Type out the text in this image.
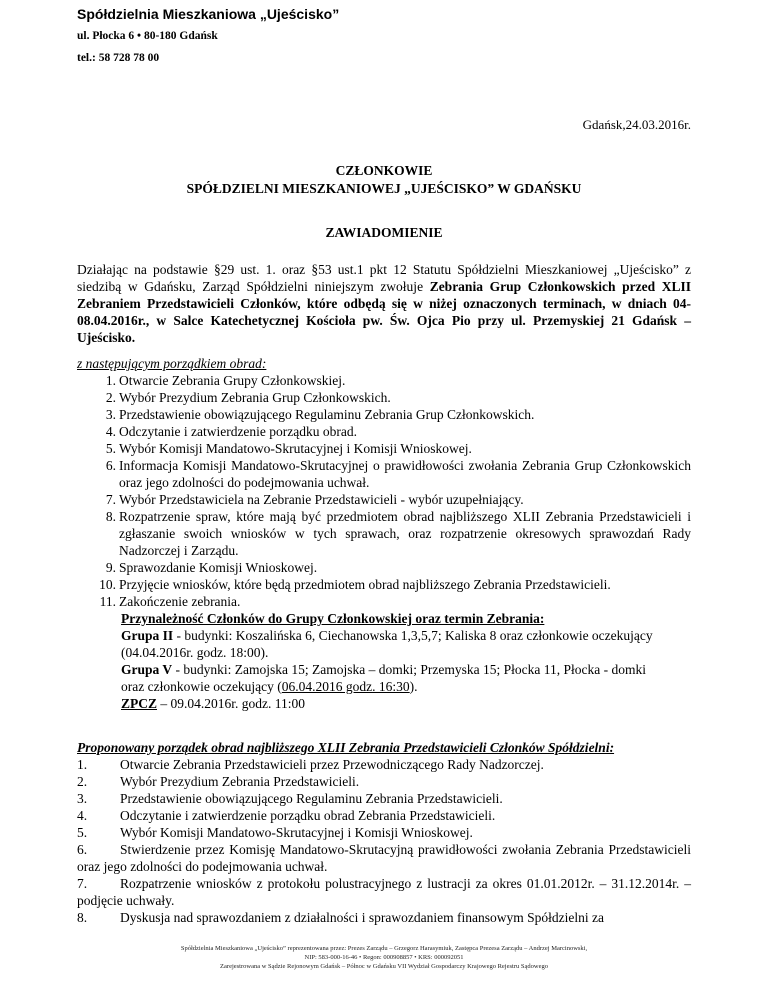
Spółdzielnia Mieszkaniowa „Ujeścisko”
ul. Płocka 6 • 80-180 Gdańsk
tel.: 58 728 78 00
Gdańsk,24.03.2016r.
CZŁONKOWIE
SPÓŁDZIELNI MIESZKANIOWEJ „UJEŚCISKO” W GDAŃSKU
ZAWIADOMIENIE
Działając na podstawie §29 ust. 1. oraz §53 ust.1 pkt 12 Statutu Spółdzielni Mieszkaniowej „Ujeścisko” z siedzibą w Gdańsku, Zarząd Spółdzielni niniejszym zwołuje Zebrania Grup Członkowskich przed XLII Zebraniem Przedstawicieli Członków, które odbędą się w niżej oznaczonych terminach, w dniach 04-08.04.2016r., w Salce Katechetycznej Kościoła pw. Św. Ojca Pio przy ul. Przemyskiej 21 Gdańsk – Ujeścisko.
z następującym porządkiem obrad:
1. Otwarcie Zebrania Grupy Członkowskiej.
2. Wybór Prezydium Zebrania Grup Członkowskich.
3. Przedstawienie obowiązującego Regulaminu Zebrania Grup Członkowskich.
4. Odczytanie i zatwierdzenie porządku obrad.
5. Wybór Komisji Mandatowo-Skrutacyjnej i Komisji Wnioskowej.
6. Informacja Komisji Mandatowo-Skrutacyjnej o prawidłowości zwołania Zebrania Grup Członkowskich oraz jego zdolności do podejmowania uchwał.
7. Wybór Przedstawiciela na Zebranie Przedstawicieli - wybór uzupełniający.
8. Rozpatrzenie spraw, które mają być przedmiotem obrad najbliższego XLII Zebrania Przedstawicieli i zgłaszanie swoich wniosków w tych sprawach, oraz rozpatrzenie okresowych sprawozdań Rady Nadzorczej i Zarządu.
9. Sprawozdanie Komisji Wnioskowej.
10. Przyjęcie wniosków, które będą przedmiotem obrad najbliższego Zebrania Przedstawicieli.
11. Zakończenie zebrania.
Przynależność Członków do Grupy Członkowskiej oraz termin Zebrania:
Grupa II - budynki: Koszalińska 6, Ciechanowska 1,3,5,7; Kaliska 8 oraz członkowie oczekujący (04.04.2016r. godz. 18:00).
Grupa V - budynki: Zamojska 15; Zamojska – domki; Przemyska 15; Płocka 11, Płocka - domki oraz członkowie oczekujący (06.04.2016 godz. 16:30).
ZPCZ – 09.04.2016r. godz. 11:00
Proponowany porządek obrad najbliższego XLII Zebrania Przedstawicieli Członków Spółdzielni:
1. Otwarcie Zebrania Przedstawicieli przez Przewodniczącego Rady Nadzorczej.
2. Wybór Prezydium Zebrania Przedstawicieli.
3. Przedstawienie obowiązującego Regulaminu Zebrania Przedstawicieli.
4. Odczytanie i zatwierdzenie porządku obrad Zebrania Przedstawicieli.
5. Wybór Komisji Mandatowo-Skrutacyjnej i Komisji Wnioskowej.
6. Stwierdzenie przez Komisję Mandatowo-Skrutacyjną prawidłowości zwołania Zebrania Przedstawicieli oraz jego zdolności do podejmowania uchwał.
7. Rozpatrzenie wniosków z protokołu polustracyjnego z lustracji za okres 01.01.2012r. – 31.12.2014r. – podjęcie uchwały.
8. Dyskusja nad sprawozdaniem z działalności i sprawozdaniem finansowym Spółdzielni za
Spółdzielnia Mieszkaniowa „Ujeścisko” reprezentowana przez: Prezes Zarządu – Grzegorz Harasymiuk, Zastępca Prezesa Zarządu – Andrzej Marcinowski,
NIP: 583-000-16-46 • Regon: 000908857 • KRS: 000092051
Zarejestrowana w Sądzie Rejonowym Gdańsk – Północ w Gdańsku VII Wydział Gospodarczy Krajowego Rejestru Sądowego
